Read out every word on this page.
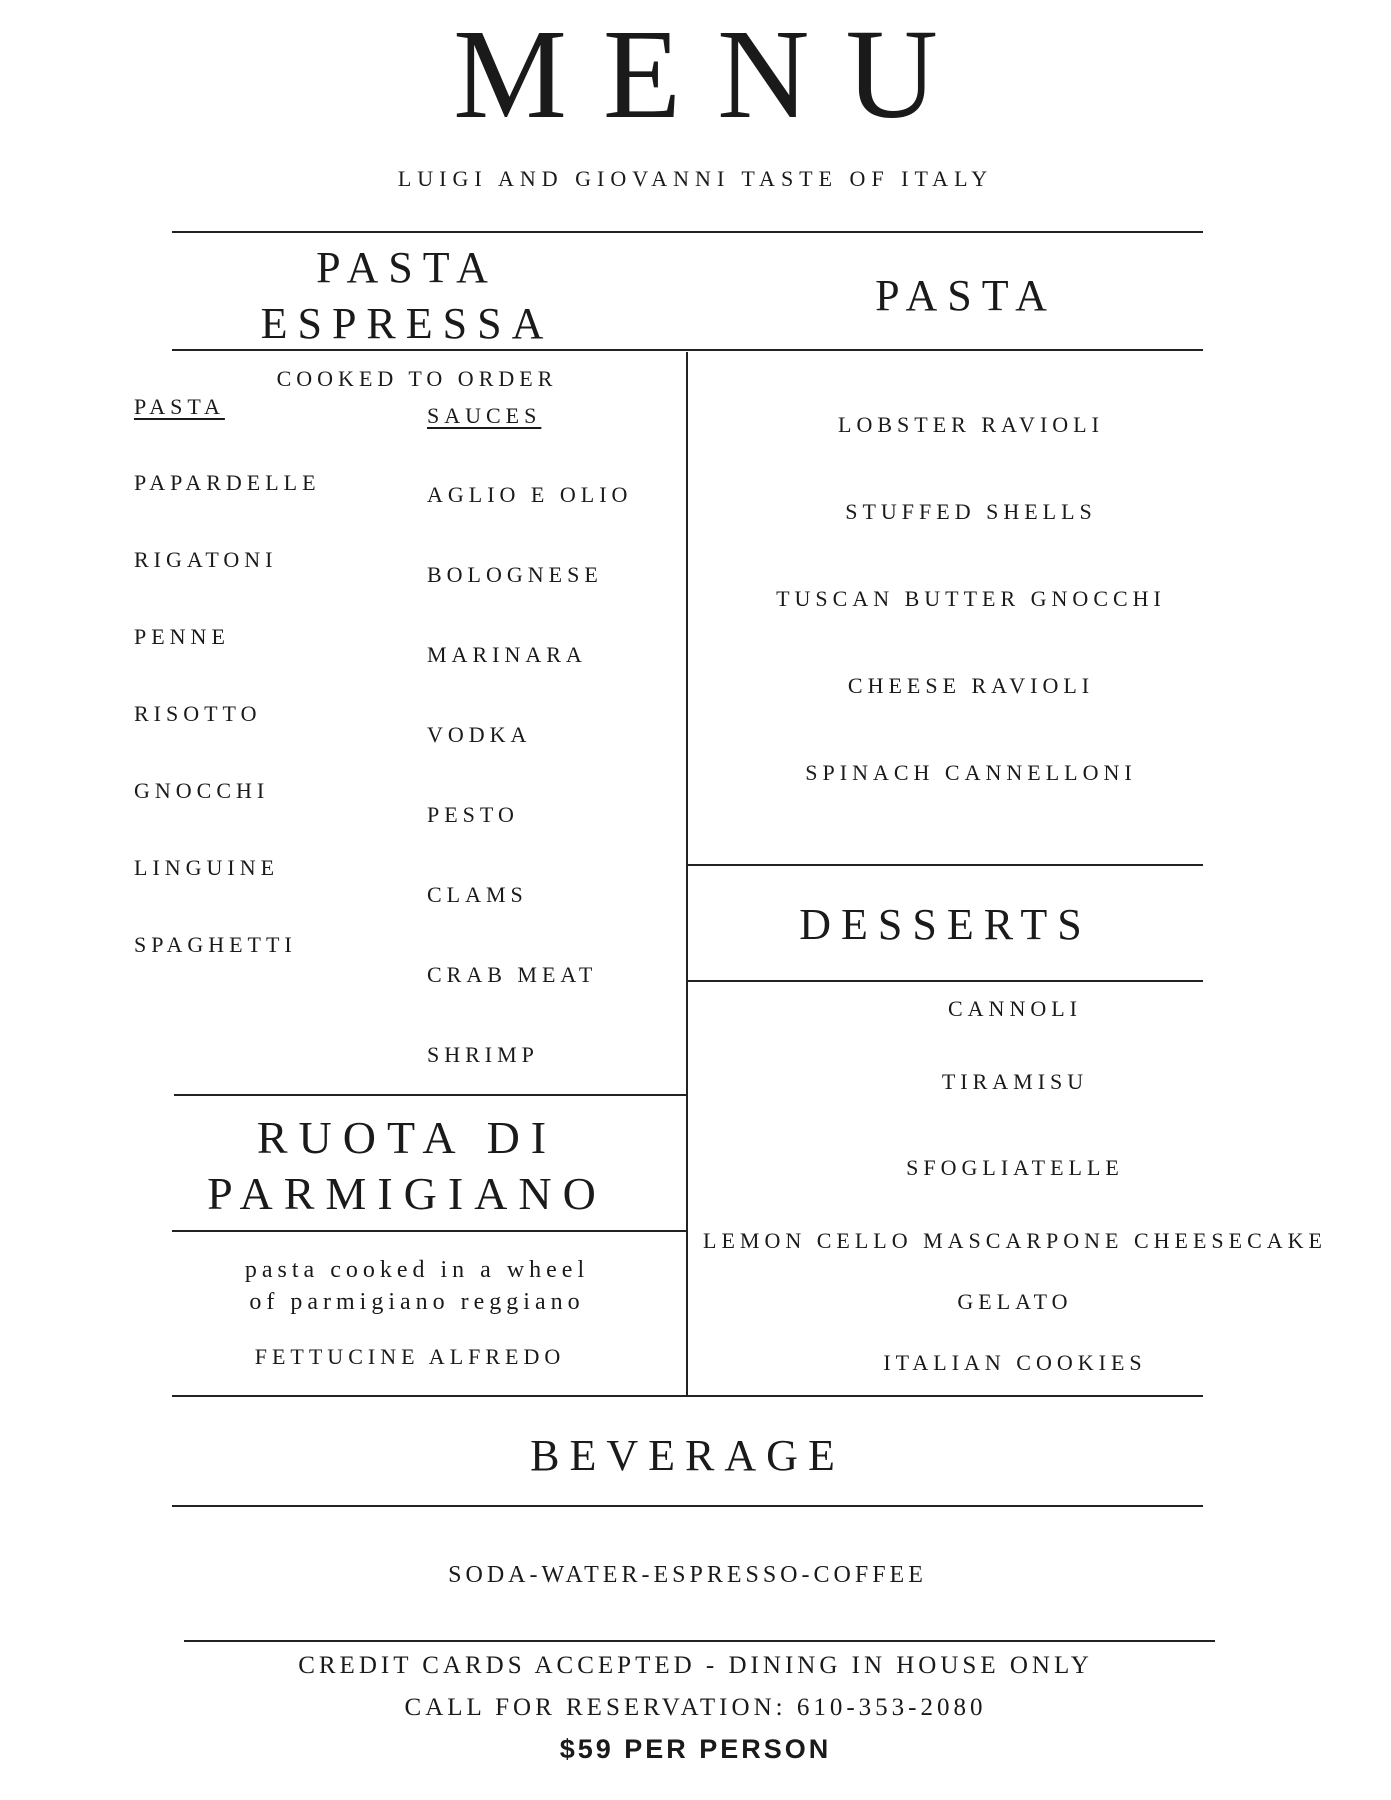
MENU
LUIGI AND GIOVANNI TASTE OF ITALY
PASTA
ESPRESSA
PASTA
COOKED TO ORDER
PASTA	SAUCES
PAPARDELLE
RIGATONI
PENNE
RISOTTO
GNOCCHI
LINGUINE
SPAGHETTI
AGLIO E OLIO
BOLOGNESE
MARINARA
VODKA
PESTO
CLAMS
CRAB MEAT
SHRIMP
LOBSTER RAVIOLI
STUFFED SHELLS
TUSCAN BUTTER GNOCCHI
CHEESE RAVIOLI
SPINACH CANNELLONI
DESSERTS
CANNOLI
TIRAMISU
SFOGLIATELLE
LEMON CELLO MASCARPONE CHEESECAKE
GELATO
ITALIAN COOKIES
RUOTA DI
PARMIGIANO
pasta cooked in a wheel
of parmigiano reggiano
FETTUCINE ALFREDO
BEVERAGE
SODA-WATER-ESPRESSO-COFFEE
CREDIT CARDS ACCEPTED - DINING IN HOUSE ONLY
CALL FOR RESERVATION: 610-353-2080
$59 PER PERSON
